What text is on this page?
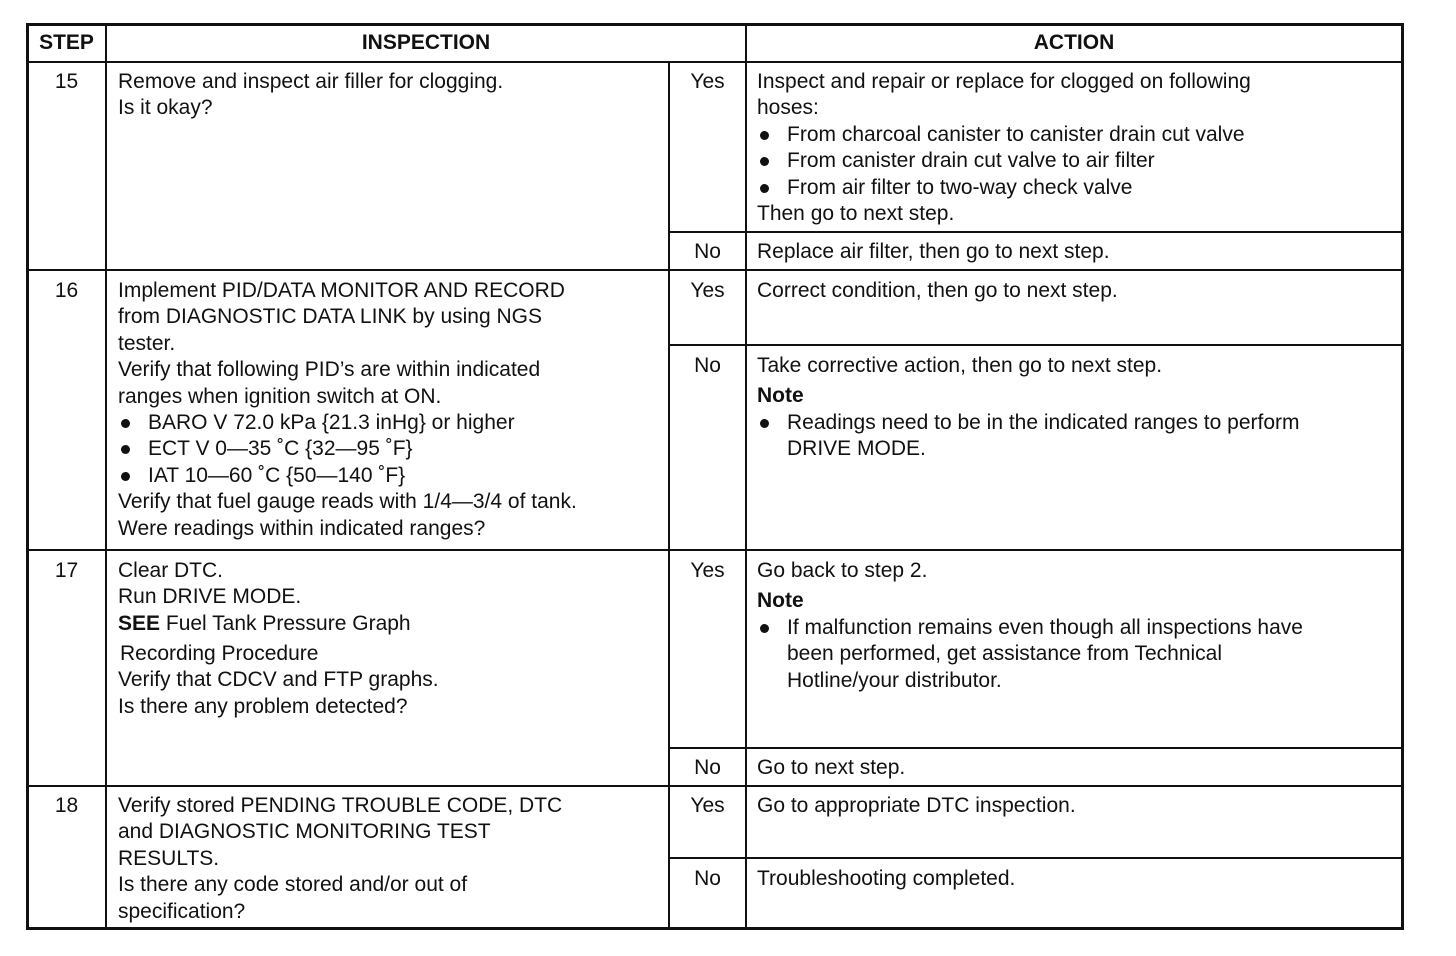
STEP	INSPECTION	ACTION
15	Remove and inspect air filler for clogging.
Is it okay?
Yes	Inspect and repair or replace for clogged on following
hoses:
From charcoal canister to canister drain cut valve
From canister drain cut valve to air filter
From air filter to two-way check valve
Then go to next step.
No	Replace air filter, then go to next step.
16	Implement PID/DATA MONITOR AND RECORD
from DIAGNOSTIC DATA LINK by using NGS
tester.
Verify that following PID’s are within indicated
ranges when ignition switch at ON.
BARO V 72.0 kPa {21.3 inHg} or higher
ECT V 0—35 ˚C {32—95 ˚F}
IAT 10—60 ˚C {50—140 ˚F}
Verify that fuel gauge reads with 1/4—3/4 of tank.
Were readings within indicated ranges?
Yes	Correct condition, then go to next step.
No	Take corrective action, then go to next step.
Note
Readings need to be in the indicated ranges to perform
DRIVE MODE.
17	Clear DTC.
Run DRIVE MODE.
SEE Fuel Tank Pressure Graph
Recording Procedure
Verify that CDCV and FTP graphs.
Is there any problem detected?
Yes	Go back to step 2.
Note
If malfunction remains even though all inspections have
been performed, get assistance from Technical
Hotline/your distributor.
No	Go to next step.
18	Verify stored PENDING TROUBLE CODE, DTC
and DIAGNOSTIC MONITORING TEST
RESULTS.
Is there any code stored and/or out of
specification?
Yes	Go to appropriate DTC inspection.
No	Troubleshooting completed.
